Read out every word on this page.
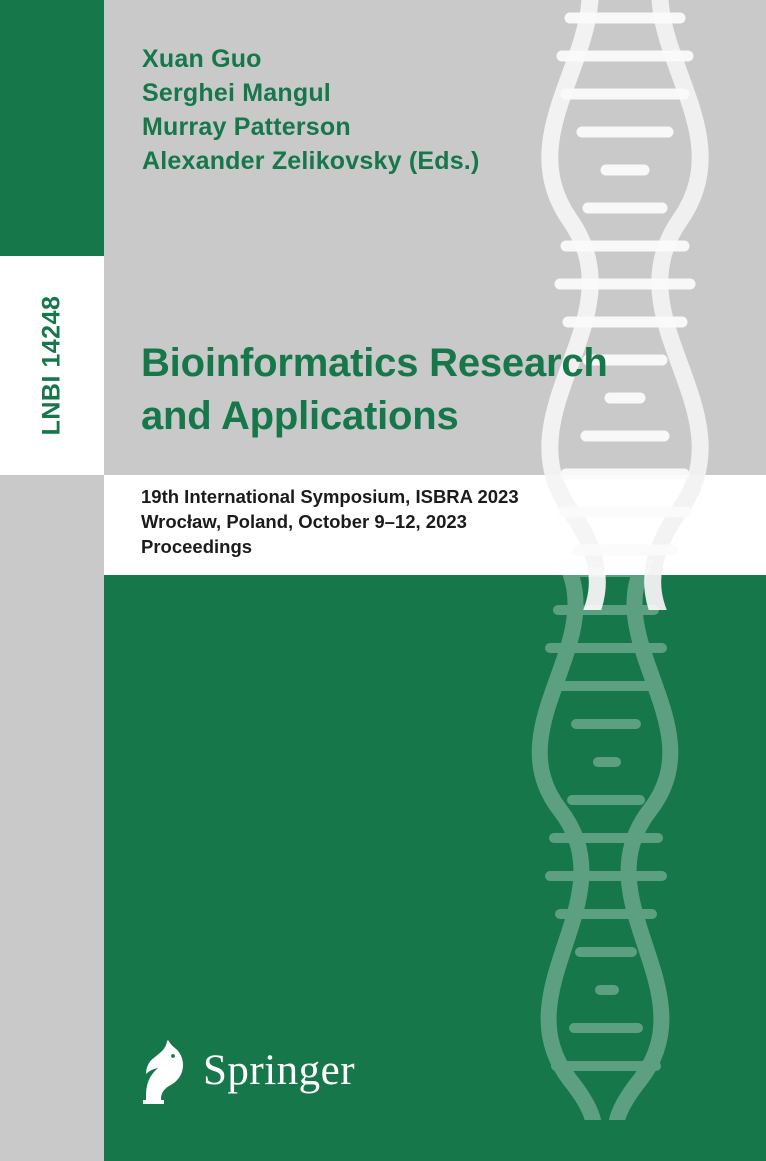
LNBI 14248
Xuan Guo
Serghei Mangul
Murray Patterson
Alexander Zelikovsky (Eds.)
Bioinformatics Research
and Applications
19th International Symposium, ISBRA 2023
Wrocław, Poland, October 9–12, 2023
Proceedings
Springer
